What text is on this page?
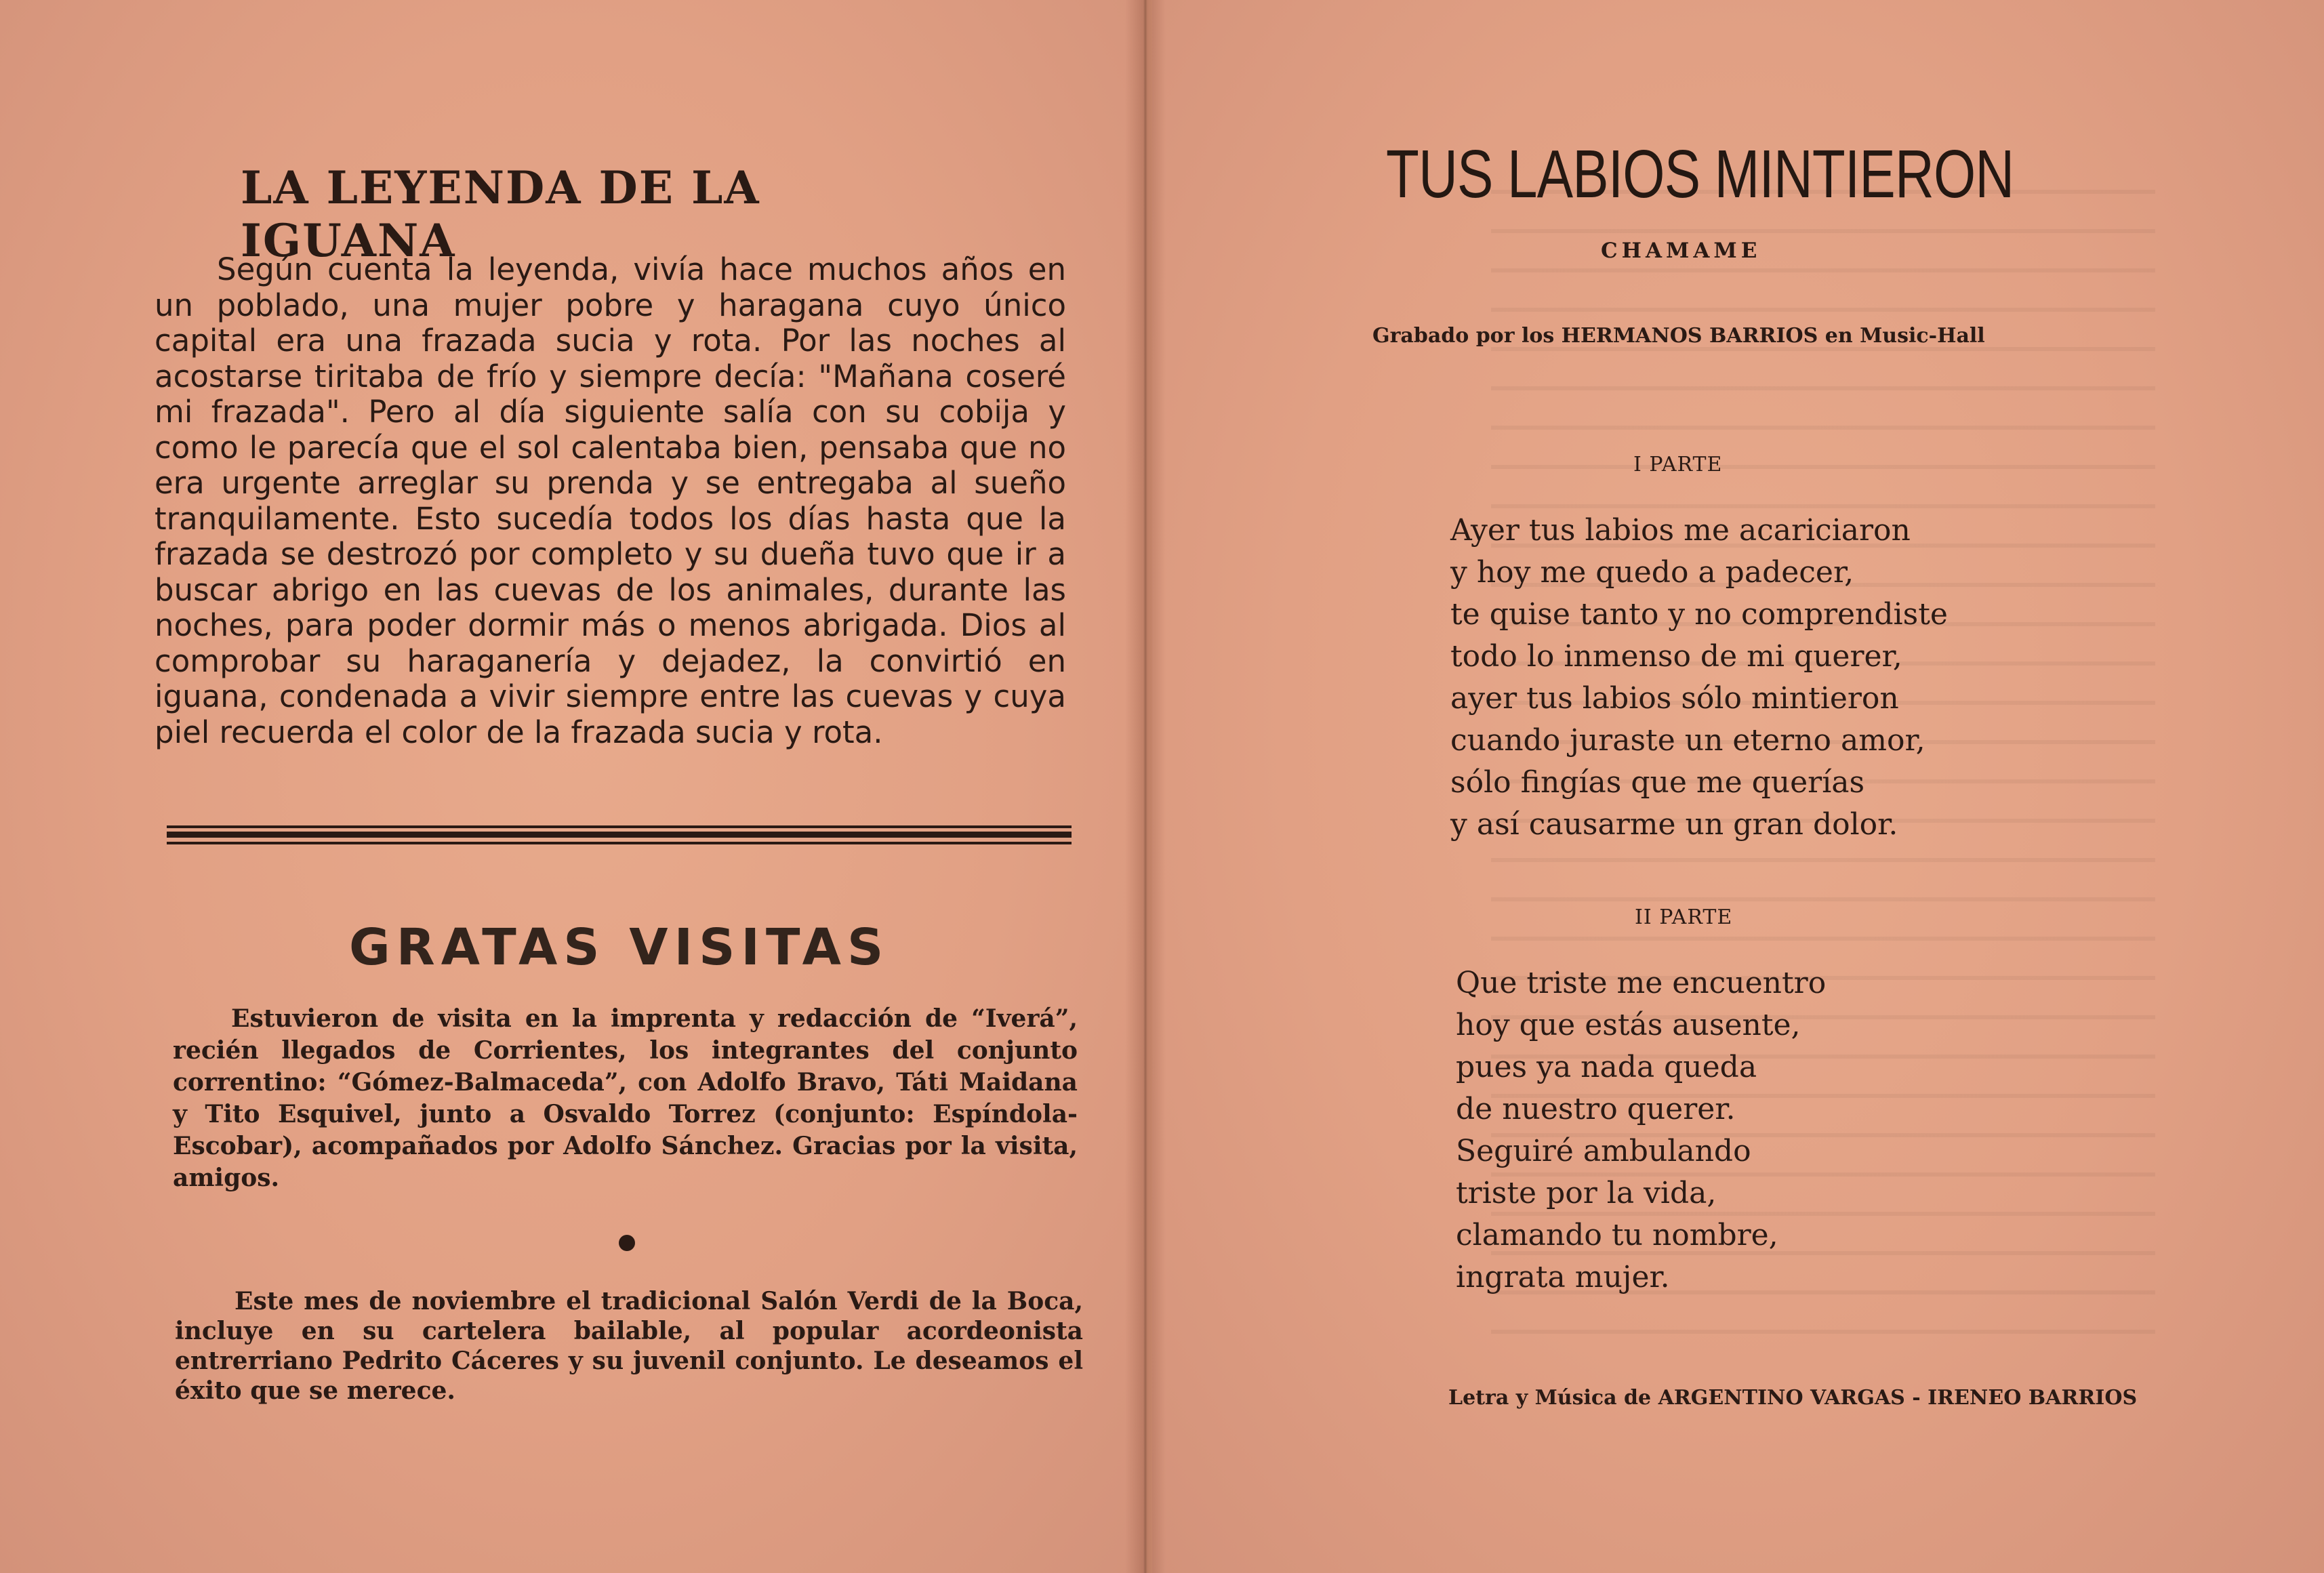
LA LEYENDA DE LA IGUANA

Según cuenta la leyenda, vivía hace muchos años en un poblado, una mujer pobre y haragana cuyo único capital era una frazada sucia y rota. Por las noches al acostarse tiritaba de frío y siempre decía: "Mañana coseré mi frazada". Pero al día siguiente salía con su cobija y como le parecía que el sol calentaba bien, pensaba que no era urgente arreglar su prenda y se entregaba al sueño tranquilamente. Esto sucedía todos los días hasta que la frazada se destrozó por completo y su dueña tuvo que ir a buscar abrigo en las cuevas de los animales, durante las noches, para poder dormir más o menos abrigada. Dios al comprobar su haraganería y dejadez, la convirtió en iguana, condenada a vivir siempre entre las cuevas y cuya piel recuerda el color de la frazada sucia y rota.

GRATAS VISITAS

Estuvieron de visita en la imprenta y redacción de “Iverá”, recién llegados de Corrientes, los integrantes del conjunto correntino: “Gómez-Balmaceda”, con Adolfo Bravo, Táti Maidana y Tito Esquivel, junto a Osvaldo Torrez (conjunto: Espíndola-Escobar), acompañados por Adolfo Sánchez. Gracias por la visita, amigos.

Este mes de noviembre el tradicional Salón Verdi de la Boca, incluye en su cartelera bailable, al popular acordeonista entrerriano Pedrito Cáceres y su juvenil conjunto. Le deseamos el éxito que se merece.

TUS LABIOS MINTIERON
CHAMAME
Grabado por los HERMANOS BARRIOS en Music-Hall
I PARTE
Ayer tus labios me acariciaron
y hoy me quedo a padecer,
te quise tanto y no comprendiste
todo lo inmenso de mi querer,
ayer tus labios sólo mintieron
cuando juraste un eterno amor,
sólo fingías que me querías
y así causarme un gran dolor.
II PARTE
Que triste me encuentro
hoy que estás ausente,
pues ya nada queda
de nuestro querer.
Seguiré ambulando
triste por la vida,
clamando tu nombre,
ingrata mujer.
Letra y Música de ARGENTINO VARGAS - IRENEO BARRIOS
